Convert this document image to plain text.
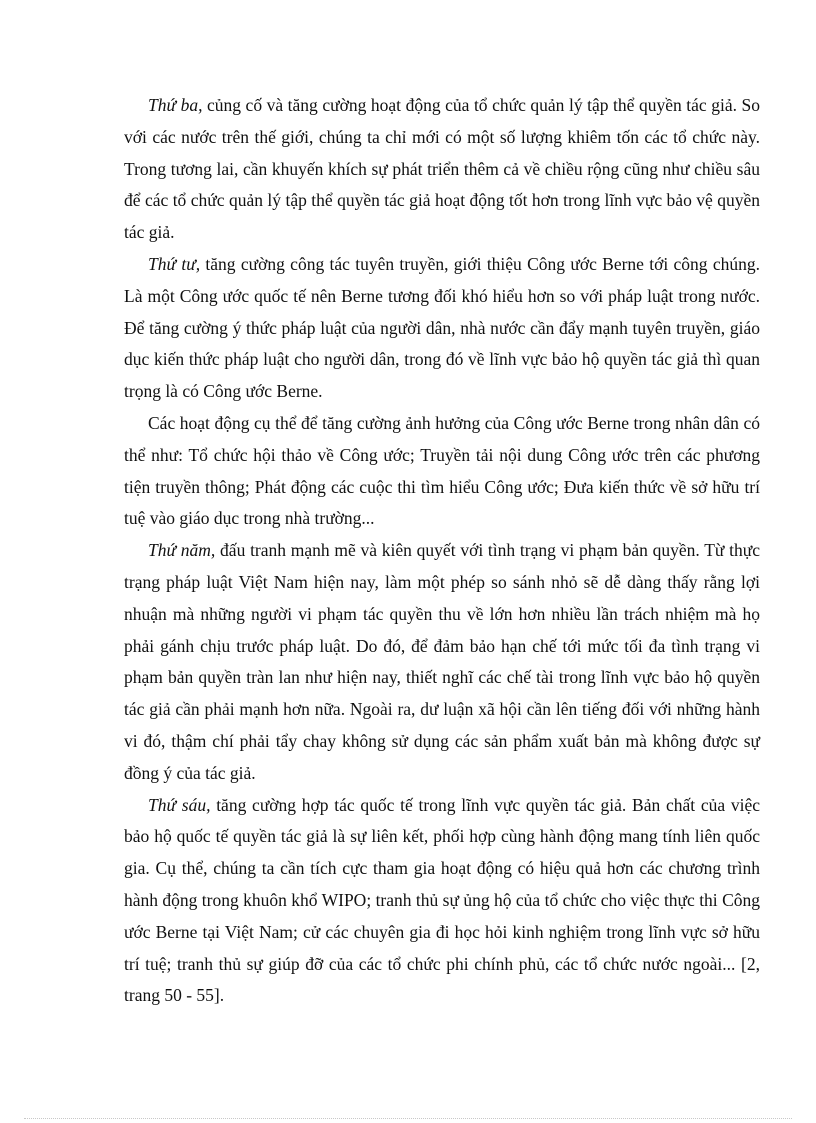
Thứ ba, củng cố và tăng cường hoạt động của tổ chức quản lý tập thể quyền tác giả. So với các nước trên thế giới, chúng ta chỉ mới có một số lượng khiêm tốn các tổ chức này. Trong tương lai, cần khuyến khích sự phát triển thêm cả về chiều rộng cũng như chiều sâu để các tổ chức quản lý tập thể quyền tác giả hoạt động tốt hơn trong lĩnh vực bảo vệ quyền tác giả.

Thứ tư, tăng cường công tác tuyên truyền, giới thiệu Công ước Berne tới công chúng. Là một Công ước quốc tế nên Berne tương đối khó hiểu hơn so với pháp luật trong nước. Để tăng cường ý thức pháp luật của người dân, nhà nước cần đẩy mạnh tuyên truyền, giáo dục kiến thức pháp luật cho người dân, trong đó về lĩnh vực bảo hộ quyền tác giả thì quan trọng là có Công ước Berne.

Các hoạt động cụ thể để tăng cường ảnh hưởng của Công ước Berne trong nhân dân có thể như: Tổ chức hội thảo về Công ước; Truyền tải nội dung Công ước trên các phương tiện truyền thông; Phát động các cuộc thi tìm hiểu Công ước; Đưa kiến thức về sở hữu trí tuệ vào giáo dục trong nhà trường...

Thứ năm, đấu tranh mạnh mẽ và kiên quyết với tình trạng vi phạm bản quyền. Từ thực trạng pháp luật Việt Nam hiện nay, làm một phép so sánh nhỏ sẽ dễ dàng thấy rằng lợi nhuận mà những người vi phạm tác quyền thu về lớn hơn nhiều lần trách nhiệm mà họ phải gánh chịu trước pháp luật. Do đó, để đảm bảo hạn chế tới mức tối đa tình trạng vi phạm bản quyền tràn lan như hiện nay, thiết nghĩ các chế tài trong lĩnh vực bảo hộ quyền tác giả cần phải mạnh hơn nữa. Ngoài ra, dư luận xã hội cần lên tiếng đối với những hành vi đó, thậm chí phải tẩy chay không sử dụng các sản phẩm xuất bản mà không được sự đồng ý của tác giả.

Thứ sáu, tăng cường hợp tác quốc tế trong lĩnh vực quyền tác giả. Bản chất của việc bảo hộ quốc tế quyền tác giả là sự liên kết, phối hợp cùng hành động mang tính liên quốc gia. Cụ thể, chúng ta cần tích cực tham gia hoạt động có hiệu quả hơn các chương trình hành động trong khuôn khổ WIPO; tranh thủ sự ủng hộ của tổ chức cho việc thực thi Công ước Berne tại Việt Nam; cử các chuyên gia đi học hỏi kinh nghiệm trong lĩnh vực sở hữu trí tuệ; tranh thủ sự giúp đỡ của các tổ chức phi chính phủ, các tổ chức nước ngoài... [2, trang 50 - 55].
